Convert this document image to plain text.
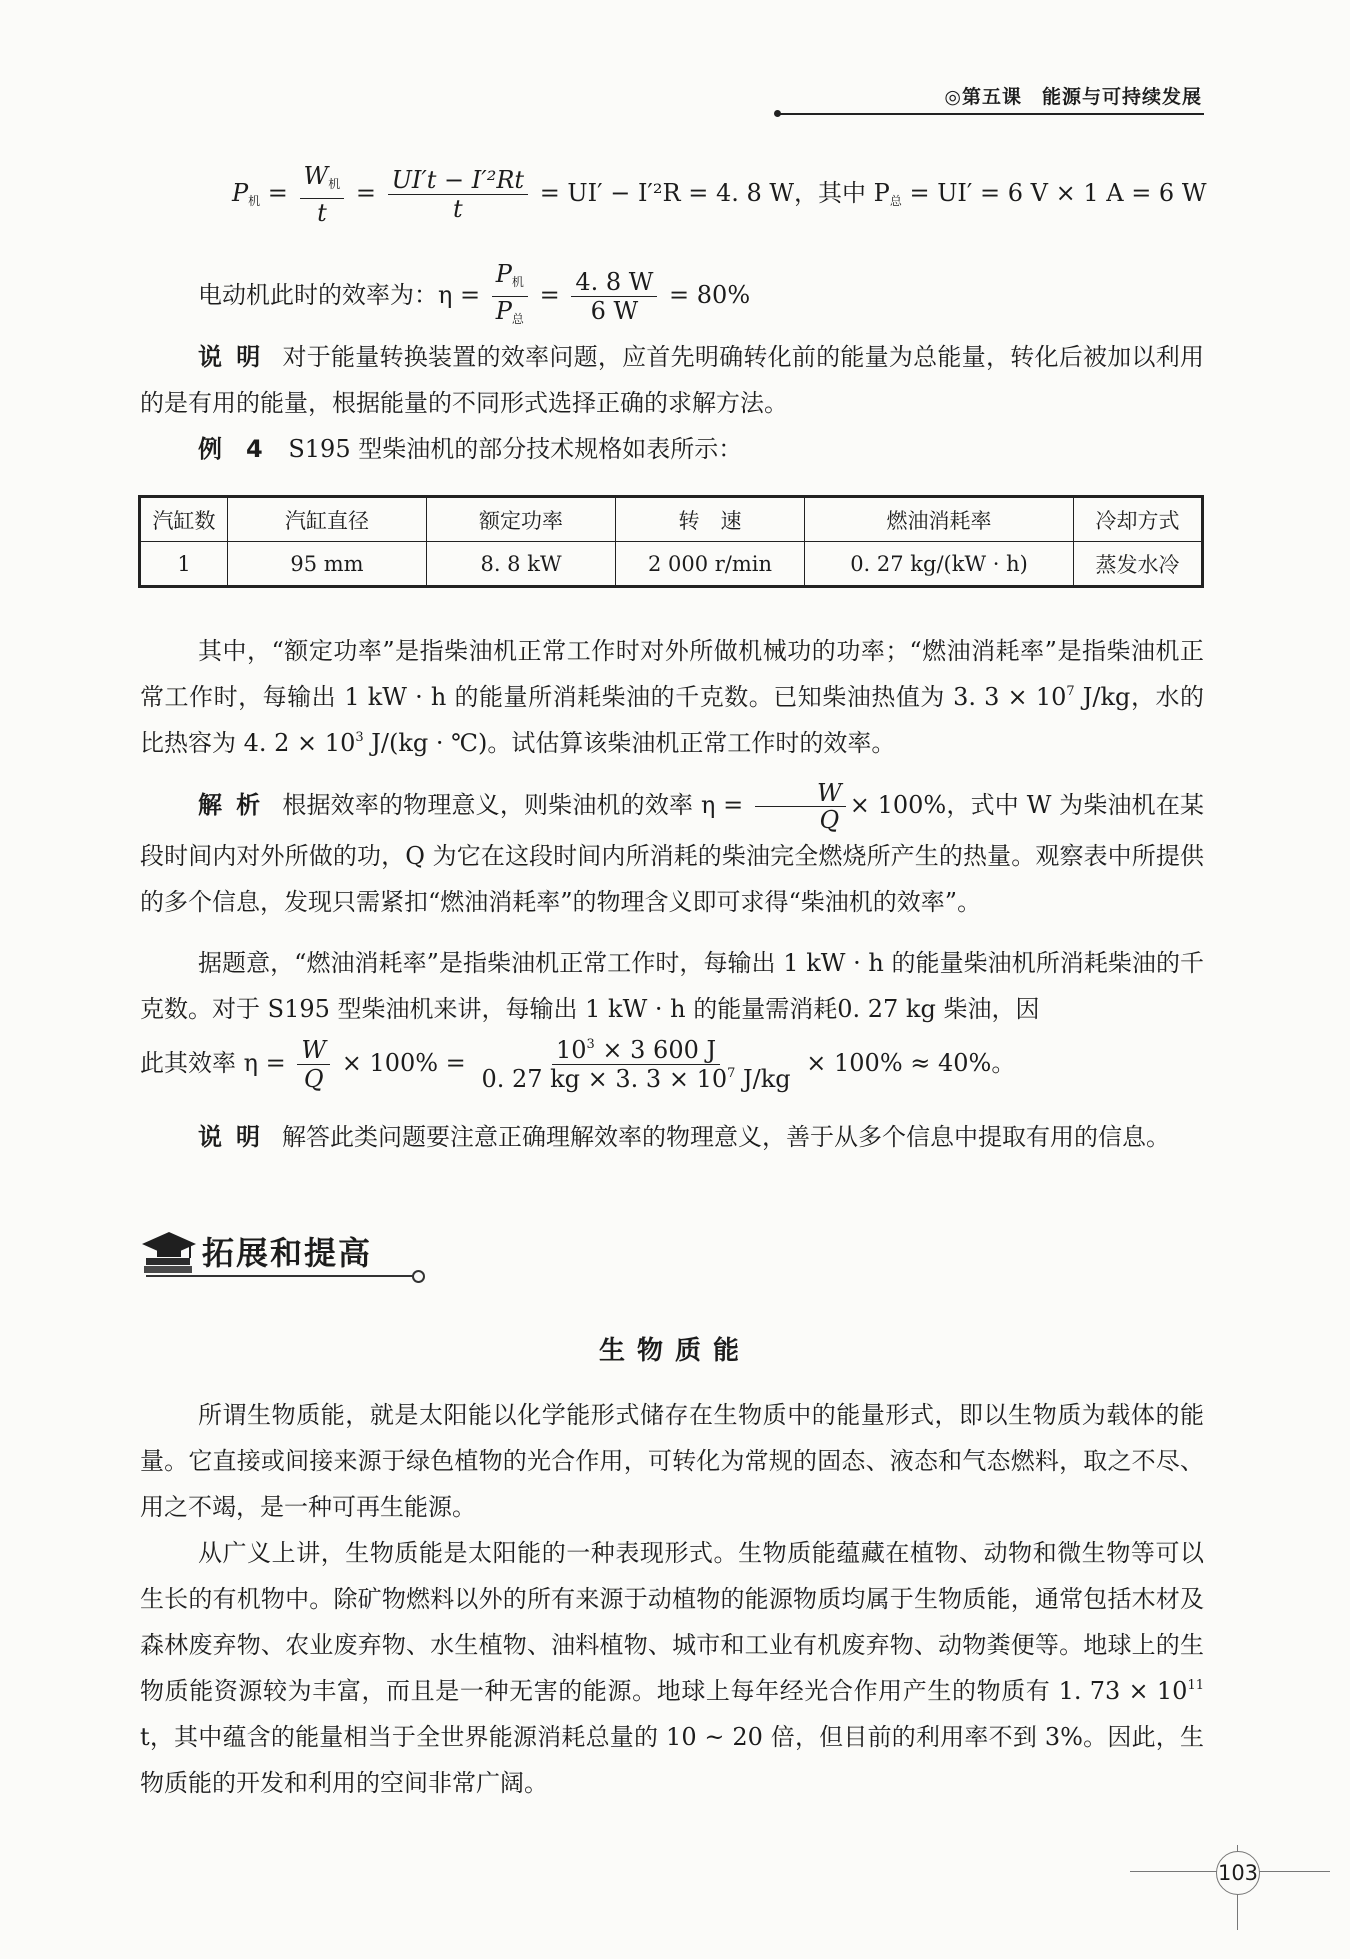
◎第五课　能源与可持续发展
$P_机 = \frac{W_机}{t} = \frac{\text{UI′t − I′²Rt}}{t} = UI' - I'^2R = 4$. 8 W，其中 $P_总 = UI' = 6$ V × 1 A = 6 W
电动机此时的效率为：$\eta = \frac{P_机}{P_总} = \frac{4. 8 W}{6 W} = 80\%$
说明 对于能量转换装置的效率问题，应首先明确转化前的能量为总能量，转化后被加以利用的是有用的能量，根据能量的不同形式选择正确的求解方法。
例　4 S195 型柴油机的部分技术规格如表所示：
汽缸数	汽缸直径	额定功率	转　速	燃油消耗率	冷却方式
1	95 mm	8. 8 kW	2 000 r/min	0. 27 kg/(kW · h)	蒸发水冷
其中，“额定功率”是指柴油机正常工作时对外所做机械功的功率；“燃油消耗率”是指柴油机正常工作时，每输出 1 kW · h 的能量所消耗柴油的千克数。已知柴油热值为 3. $3 \times 10^7$ J/kg，水的比热容为 4. $2 \times 10^3$ J/(kg · ℃)。试估算该柴油机正常工作时的效率。
解析 根据效率的物理意义，则柴油机的效率 $\eta = \frac{W}{Q} \times 100\%$，式中 W 为柴油机在某段时间内对外所做的功，Q 为它在这段时间内所消耗的柴油完全燃烧所产生的热量。观察表中所提供的多个信息，发现只需紧扣“燃油消耗率”的物理含义即可求得“柴油机的效率”。
据题意，“燃油消耗率”是指柴油机正常工作时，每输出 1 kW · h 的能量柴油机所消耗柴油的千克数。对于 S195 型柴油机来讲，每输出 1 kW · h 的能量需消耗0. 27 kg 柴油，因
此其效率 $\eta = \frac{W}{Q} \times 100\% = \frac{10^3 \times 3 600 J}{0. 27 kg \times 3. 3 \times 10^7 J/kg} \times 100\% \approx 40\%$。
说明 解答此类问题要注意正确理解效率的物理意义，善于从多个信息中提取有用的信息。
拓展和提高
生物质能
所谓生物质能，就是太阳能以化学能形式储存在生物质中的能量形式，即以生物质为载体的能量。它直接或间接来源于绿色植物的光合作用，可转化为常规的固态、液态和气态燃料，取之不尽、用之不竭，是一种可再生能源。
从广义上讲，生物质能是太阳能的一种表现形式。生物质能蕴藏在植物、动物和微生物等可以生长的有机物中。除矿物燃料以外的所有来源于动植物的能源物质均属于生物质能，通常包括木材及森林废弃物、农业废弃物、水生植物、油料植物、城市和工业有机废弃物、动物粪便等。地球上的生物质能资源较为丰富，而且是一种无害的能源。地球上每年经光合作用产生的物质有 1. $73 \times 10^{11}$ t，其中蕴含的能量相当于全世界能源消耗总量的 10 ~ 20 倍，但目前的利用率不到 3%。因此，生物质能的开发和利用的空间非常广阔。
103
